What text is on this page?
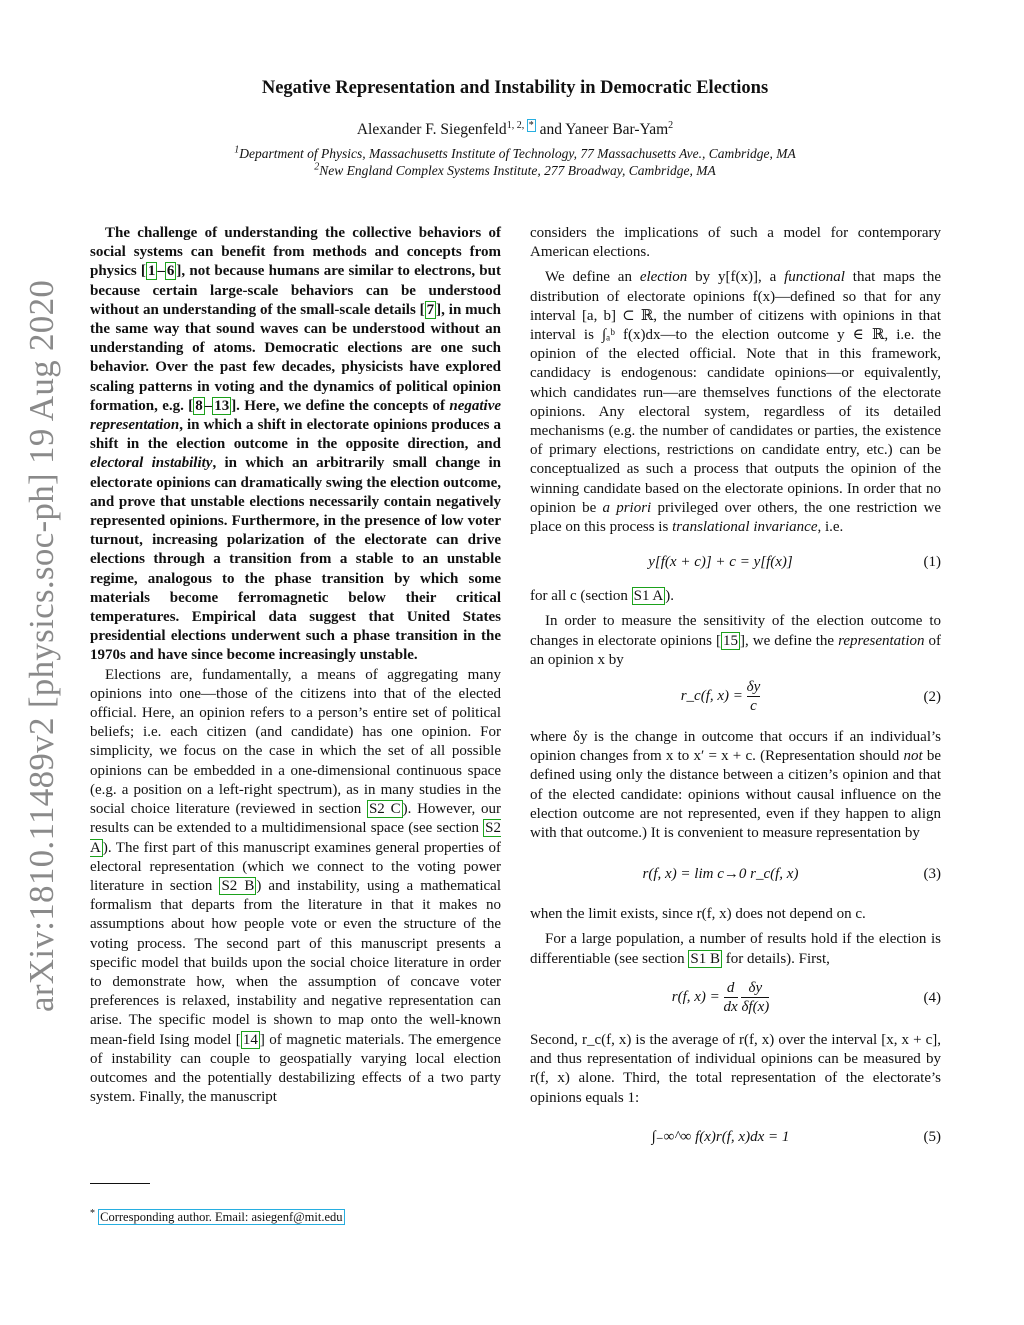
arXiv:1810.11489v2 [physics.soc-ph] 19 Aug 2020
Negative Representation and Instability in Democratic Elections
Alexander F. Siegenfeld$^{1, 2,}$ * and Yaneer Bar-Yam$^2$
$^1$Department of Physics, Massachusetts Institute of Technology, 77 Massachusetts Ave., Cambridge, MA
$^2$New England Complex Systems Institute, 277 Broadway, Cambridge, MA

The challenge of understanding the collective behaviors of social systems can benefit from methods and concepts from physics [ 1 – 6 ], not because humans are similar to electrons, but because certain large-scale behaviors can be understood without an understanding of the small-scale details [ 7 ], in much the same way that sound waves can be understood without an understanding of atoms. Democratic elections are one such behavior. Over the past few decades, physicists have explored scaling patterns in voting and the dynamics of political opinion formation, e.g. [ 8 – 13 ]. Here, we define the concepts of negative representation, in which a shift in electorate opinions produces a shift in the election outcome in the opposite direction, and electoral instability, in which an arbitrarily small change in electorate opinions can dramatically swing the election outcome, and prove that unstable elections necessarily contain negatively represented opinions. Furthermore, in the presence of low voter turnout, increasing polarization of the electorate can drive elections through a transition from a stable to an unstable regime, analogous to the phase transition by which some materials become ferromagnetic below their critical temperatures. Empirical data suggest that United States presidential elections underwent such a phase transition in the 1970s and have since become increasingly unstable.

Elections are, fundamentally, a means of aggregating many opinions into one—those of the citizens into that of the elected official. Here, an opinion refers to a person’s entire set of political beliefs; i.e. each citizen (and candidate) has one opinion. For simplicity, we focus on the case in which the set of all possible opinions can be embedded in a one-dimensional continuous space (e.g. a position on a left-right spectrum), as in many studies in the social choice literature (reviewed in section S2 C ). However, our results can be extended to a multidimensional space (see section S2 A ). The first part of this manuscript examines general properties of electoral representation (which we connect to the voting power literature in section S2 B ) and instability, using a mathematical formalism that departs from the literature in that it makes no assumptions about how people vote or even the structure of the voting process. The second part of this manuscript presents a specific model that builds upon the social choice literature in order to demonstrate how, when the assumption of concave voter preferences is relaxed, instability and negative representation can arise. The specific model is shown to map onto the well-known mean-field Ising model [ 14 ] of magnetic materials. The emergence of instability can couple to geospatially varying local election outcomes and the potentially destabilizing effects of a two party system. Finally, the manuscript

considers the implications of such a model for contemporary American elections.

We define an election by y[f(x)], a functional that maps the distribution of electorate opinions f(x)—defined so that for any interval [a, b] ⊂ ℝ, the number of citizens with opinions in that interval is ∫ₐᵇ f(x)dx—to the election outcome y ∈ ℝ, i.e. the opinion of the elected official. Note that in this framework, candidacy is endogenous: candidate opinions—or equivalently, which candidates run—are themselves functions of the electorate opinions. Any electoral system, regardless of its detailed mechanisms (e.g. the number of candidates or parties, the existence of primary elections, restrictions on candidate entry, etc.) can be conceptualized as such a process that outputs the opinion of the winning candidate based on the electorate opinions. In order that no opinion be a priori privileged over others, the one restriction we place on this process is translational invariance, i.e.

y[f(x + c)] + c = y[f(x)]	(1)

for all c (section S1 A ).

In order to measure the sensitivity of the election outcome to changes in electorate opinions [ 15 ], we define the representation of an opinion x by

r_c(f, $x) = \frac{\delta y}{c}$	(2)

where δy is the change in outcome that occurs if an individual’s opinion changes from x to x′ = x + c. (Representation should not be defined using only the distance between a citizen’s opinion and that of the elected candidate: opinions without causal influence on the election outcome are not represented, even if they happen to align with that outcome.) It is convenient to measure representation by

r(f, x) = lim c→0 r_c(f, x)	(3)

when the limit exists, since r(f, x) does not depend on c.

For a large population, a number of results hold if the election is differentiable (see section S1 B for details). First,

r(f, $x) = \frac{d}{dx}$
$\frac{\delta y}{\delta f(x)}$	(4)

Second, r_c(f, x) is the average of r(f, x) over the interval [x, x + c], and thus representation of individual opinions can be measured by r(f, x) alone. Third, the total representation of the electorate’s opinions equals 1:

∫₋∞^∞ f(x)r(f, x)dx = 1	(5)
* Corresponding author. Email: asiegenf@mit.edu
